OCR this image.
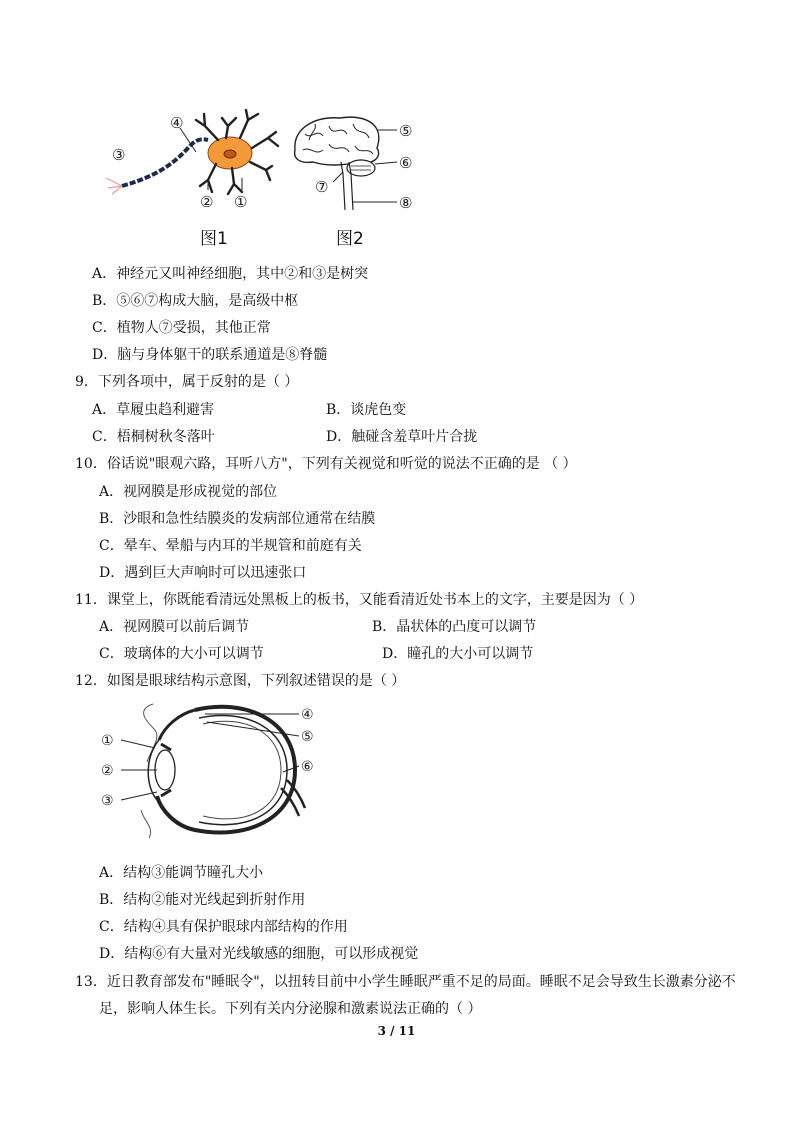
④
③
② ①
⑤
⑥
⑦
⑧
图1	图2
A．神经元又叫神经细胞，其中②和③是树突
B．⑤⑥⑦构成大脑，是高级中枢
C．植物人⑦受损，其他正常
D．脑与身体躯干的联系通道是⑧脊髓
9．下列各项中，属于反射的是（ ）
A．草履虫趋利避害	B．谈虎色变
C．梧桐树秋冬落叶	D．触碰含羞草叶片合拢
10．俗话说"眼观六路，耳听八方"，下列有关视觉和听觉的说法不正确的是 （ ）
A．视网膜是形成视觉的部位
B．沙眼和急性结膜炎的发病部位通常在结膜
C．晕车、晕船与内耳的半规管和前庭有关
D．遇到巨大声响时可以迅速张口
11．课堂上，你既能看清远处黑板上的板书，又能看清近处书本上的文字，主要是因为（ ）
A．视网膜可以前后调节	B．晶状体的凸度可以调节
C．玻璃体的大小可以调节	D．瞳孔的大小可以调节
12．如图是眼球结构示意图，下列叙述错误的是（ ）
④
⑤
⑥
①
②
③
A．结构③能调节瞳孔大小
B．结构②能对光线起到折射作用
C．结构④具有保护眼球内部结构的作用
D．结构⑥有大量对光线敏感的细胞，可以形成视觉
13．近日教育部发布"睡眠令"，以扭转目前中小学生睡眠严重不足的局面。睡眠不足会导致生长激素分泌不
足，影响人体生长。下列有关内分泌腺和激素说法正确的（ ）
3 / 11
